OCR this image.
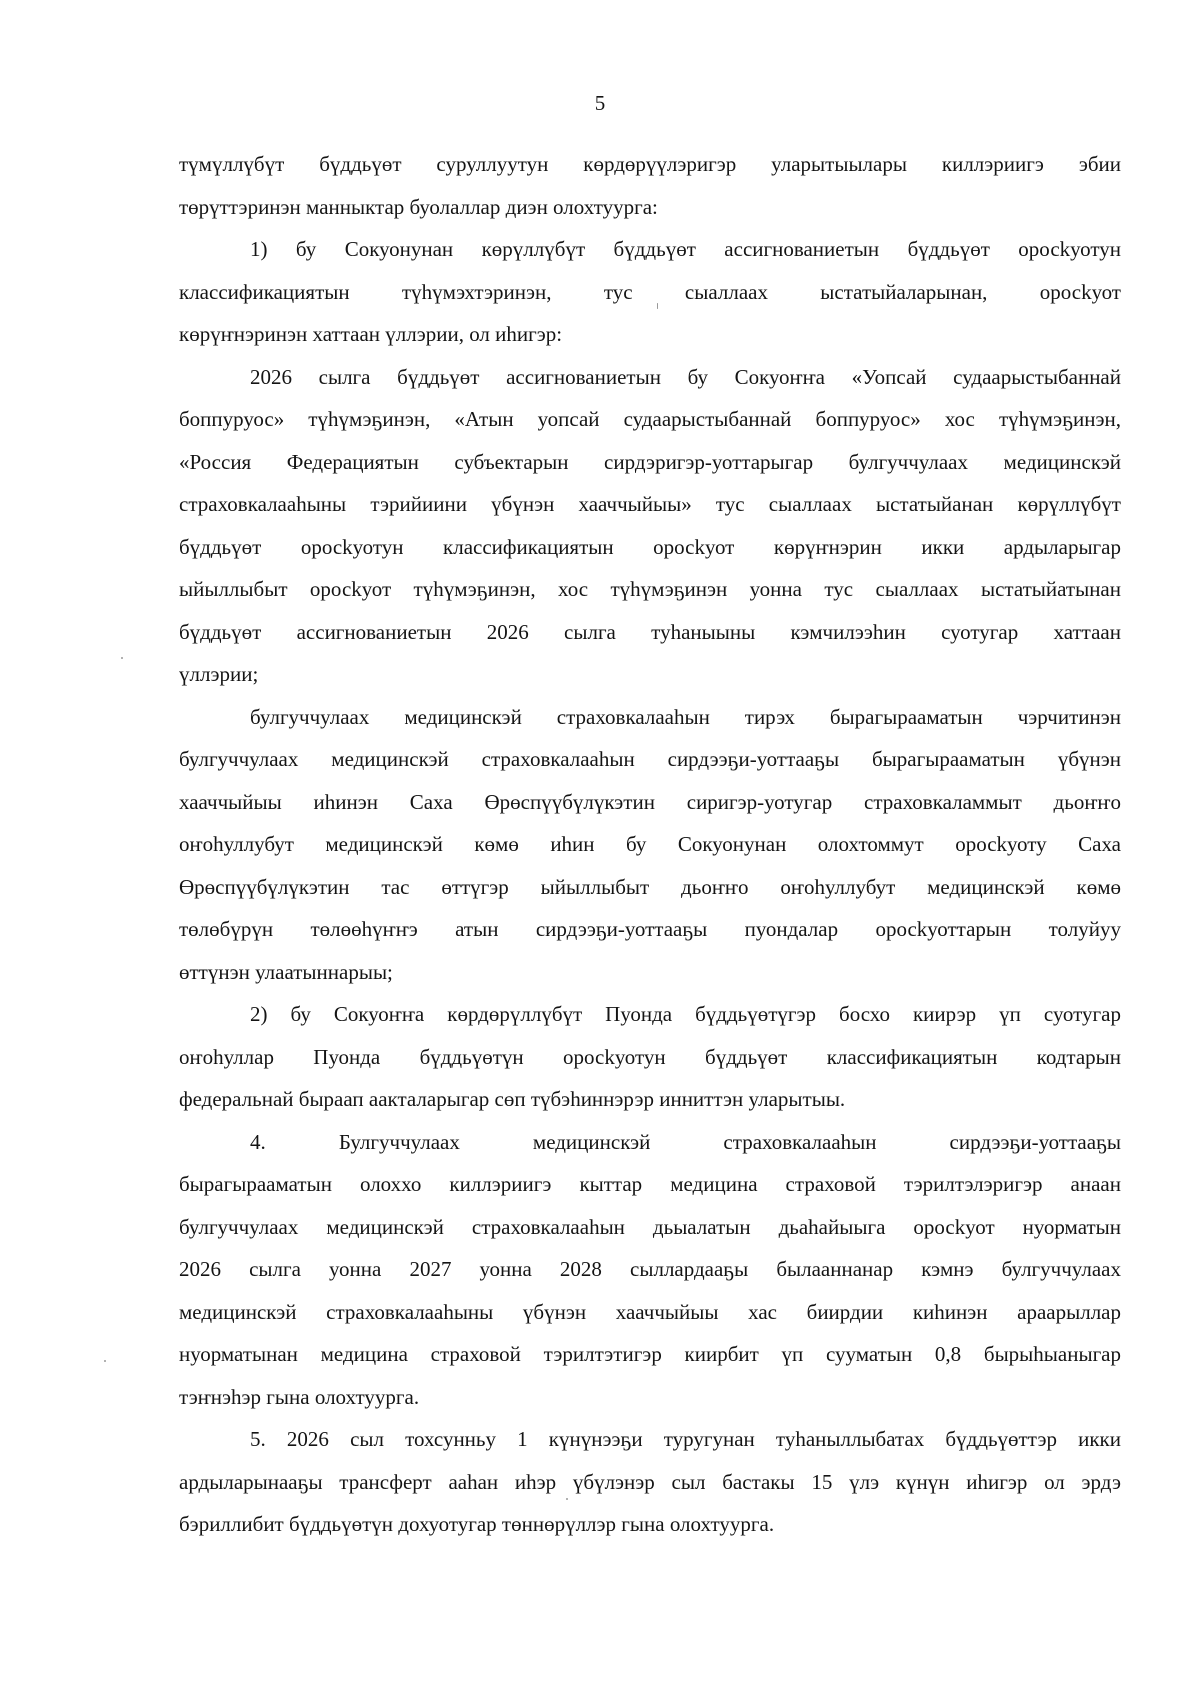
5
түмүллүбүт бүддьүөт суруллуутун көрдөрүүлэригэр уларытыылары киллэриигэ эбии
төрүттэринэн манныктар буолаллар диэн олохтуурга:
1) бу Сокуонунан көрүллүбүт бүддьүөт ассигнованиетын бүддьүөт оросkуотун
классификациятын түһүмэхтэринэн, тус сыаллаах ыстатыйаларынан, оросkуот
көрүҥнэринэн хаттаан үллэрии, ол иһигэр:
2026 сылга бүддьүөт ассигнованиетын бу Сокуоҥҥа «Уопсай судаарыстыбаннай
боппуруос» түһүмэҕинэн, «Атын уопсай судаарыстыбаннай боппуруос» хос түһүмэҕинэн,
«Россия Федерациятын субъектарын сирдэригэр-уоттарыгар булгуччулаах медицинскэй
страховкалааһыны тэрийиини үбүнэн хааччыйыы» тус сыаллаах ыстатыйанан көрүллүбүт
бүддьүөт оросkуотун классификациятын оросkуот көрүҥнэрин икки ардыларыгар
ыйыллыбыт оросkуот түһүмэҕинэн, хос түһүмэҕинэн уонна тус сыаллаах ыстатыйатынан
бүддьүөт ассигнованиетын 2026 сылга туһаныыны кэмчилээһин суотугар хаттаан
үллэрии;
булгуччулаах медицинскэй страховкалааһын тирэх бырагырааматын чэрчитинэн
булгуччулаах медицинскэй страховкалааһын сирдээҕи-уоттааҕы бырагырааматын үбүнэн
хааччыйыы иһинэн Саха Өрөспүүбүлүкэтин сиригэр-уотугар страховкаламмыт дьоҥҥо
оҥоһуллубут медицинскэй көмө иһин бу Сокуонунан олохтоммут оросkуоту Саха
Өрөспүүбүлүкэтин тас өттүгэр ыйыллыбыт дьоҥҥо оҥоһуллубут медицинскэй көмө
төлөбүрүн төлөөһүҥҥэ атын сирдээҕи-уоттааҕы пуондалар оросkуоттарын толуйуу
өттүнэн улаатыннарыы;
2) бу Сокуоҥҥа көрдөрүллүбүт Пуонда бүддьүөтүгэр босхо киирэр үп суотугар
оҥоһуллар Пуонда бүддьүөтүн оросkуотун бүддьүөт классификациятын кодтарын
федеральнай быраап аакталарыгар сөп түбэһиннэрэр инниттэн уларытыы.
4. Булгуччулаах медицинскэй страховкалааһын сирдээҕи-уоттааҕы
бырагырааматын олоххо киллэриигэ кыттар медицина страховой тэрилтэлэригэр анаан
булгуччулаах медицинскэй страховкалааһын дьыалатын дьаһайыыга оросkуот нуорматын
2026 сылга уонна 2027 уонна 2028 сыллардааҕы былааннанар кэмнэ булгуччулаах
медицинскэй страховкалааһыны үбүнэн хааччыйыы хас биирдии киһинэн араарыллар
нуорматынан медицина страховой тэрилтэтигэр киирбит үп сууматын 0,8 бырыһыаныгар
тэҥнэһэр гына олохтуурга.
5. 2026 сыл тохсунньу 1 күнүнээҕи туругунан туһаныллыбатах бүддьүөттэр икки
ардыларынааҕы трансферт ааһан иһэр үбүлэнэр сыл бастакы 15 үлэ күнүн иһигэр ол эрдэ
бэриллибит бүддьүөтүн дохуотугар төннөрүллэр гына олохтуурга.
